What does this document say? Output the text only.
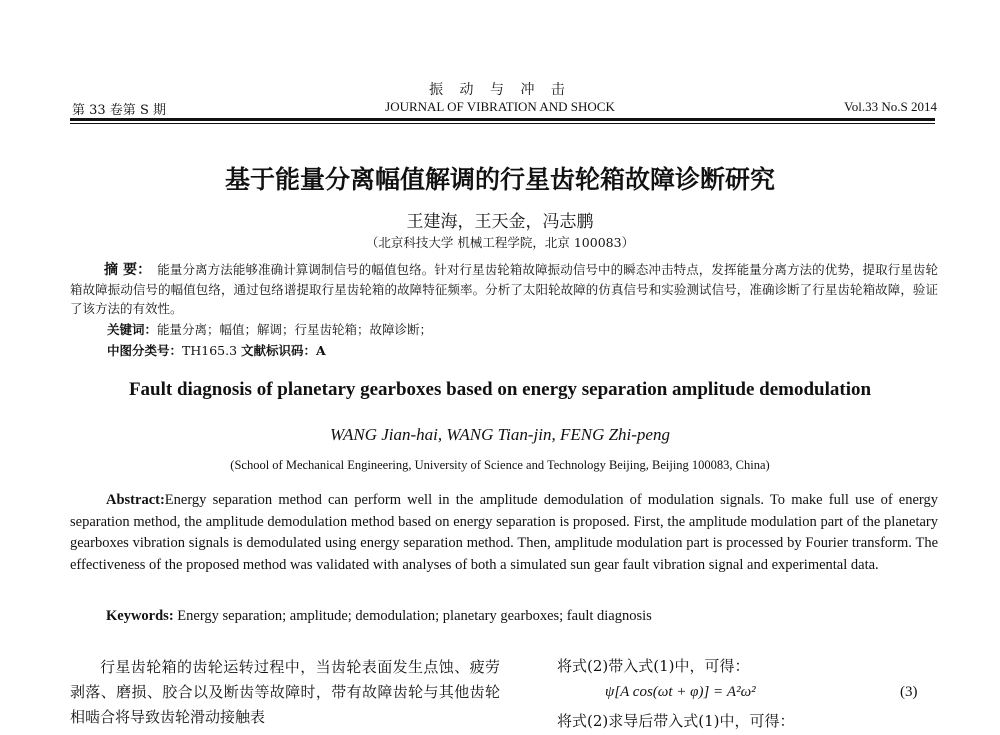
振 动 与 冲 击
第 33 卷第 S 期	JOURNAL OF VIBRATION AND SHOCK	Vol.33 No.S 2014
基于能量分离幅值解调的行星齿轮箱故障诊断研究
王建海，王天金，冯志鹏
（北京科技大学 机械工程学院，北京 100083）
摘 要： 能量分离方法能够准确计算调制信号的幅值包络。针对行星齿轮箱故障振动信号中的瞬态冲击特点，发挥能量分离方法的优势，提取行星齿轮箱故障振动信号的幅值包络，通过包络谱提取行星齿轮箱的故障特征频率。分析了太阳轮故障的仿真信号和实验测试信号，准确诊断了行星齿轮箱故障，验证了该方法的有效性。
关键词：能量分离；幅值；解调；行星齿轮箱；故障诊断；
中图分类号：TH165.3 文献标识码：A
Fault diagnosis of planetary gearboxes based on energy separation amplitude demodulation
WANG Jian-hai, WANG Tian-jin, FENG Zhi-peng
(School of Mechanical Engineering, University of Science and Technology Beijing, Beijing 100083, China)
Abstract:Energy separation method can perform well in the amplitude demodulation of modulation signals. To make full use of energy separation method, the amplitude demodulation method based on energy separation is proposed. First, the amplitude modulation part of the planetary gearboxes vibration signals is demodulated using energy separation method. Then, amplitude modulation part is processed by Fourier transform. The effectiveness of the proposed method was validated with analyses of both a simulated sun gear fault vibration signal and experimental data.
Keywords: Energy separation; amplitude; demodulation; planetary gearboxes; fault diagnosis
行星齿轮箱的齿轮运转过程中，当齿轮表面发生点蚀、疲劳剥落、磨损、胶合以及断齿等故障时，带有故障齿轮与其他齿轮相啮合将导致齿轮滑动接触表
将式(2)带入式(1)中，可得：
ψ[A cos(ωt + φ)] = A²ω²	(3)
将式(2)求导后带入式(1)中，可得：
